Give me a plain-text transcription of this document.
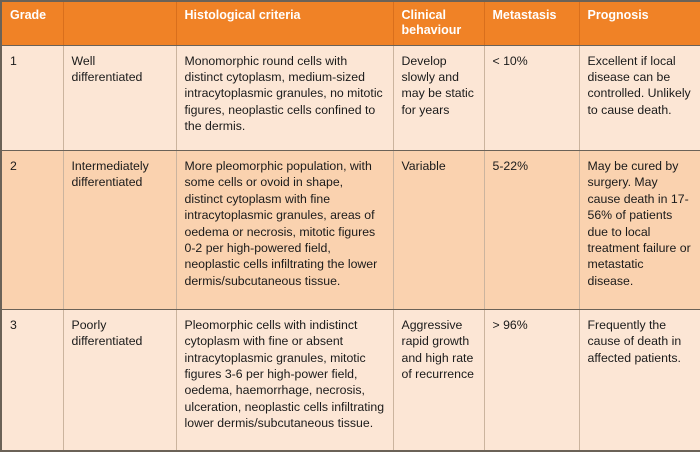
Grade		Histological criteria	Clinical behaviour	Metastasis	Prognosis
1	Well differentiated	Monomorphic round cells with distinct cytoplasm, medium-sized intracytoplasmic granules, no mitotic figures, neoplastic cells confined to the dermis.	Develop slowly and may be static for years	< 10%	Excellent if local disease can be controlled. Unlikely to cause death.
2	Intermediately differentiated	More pleomorphic population, with some cells or ovoid in shape, distinct cytoplasm with fine intracytoplasmic granules, areas of oedema or necrosis, mitotic figures 0-2 per high-powered field, neoplastic cells infiltrating the lower dermis/subcutaneous tissue.	Variable	5-22%	May be cured by surgery. May cause death in 17-56% of patients due to local treatment failure or metastatic disease.
3	Poorly differentiated	Pleomorphic cells with indistinct cytoplasm with fine or absent intracytoplasmic granules, mitotic figures 3-6 per high-power field, oedema, haemorrhage, necrosis, ulceration, neoplastic cells infiltrating lower dermis/subcutaneous tissue.	Aggressive rapid growth and high rate of recurrence	> 96%	Frequently the cause of death in affected patients.
